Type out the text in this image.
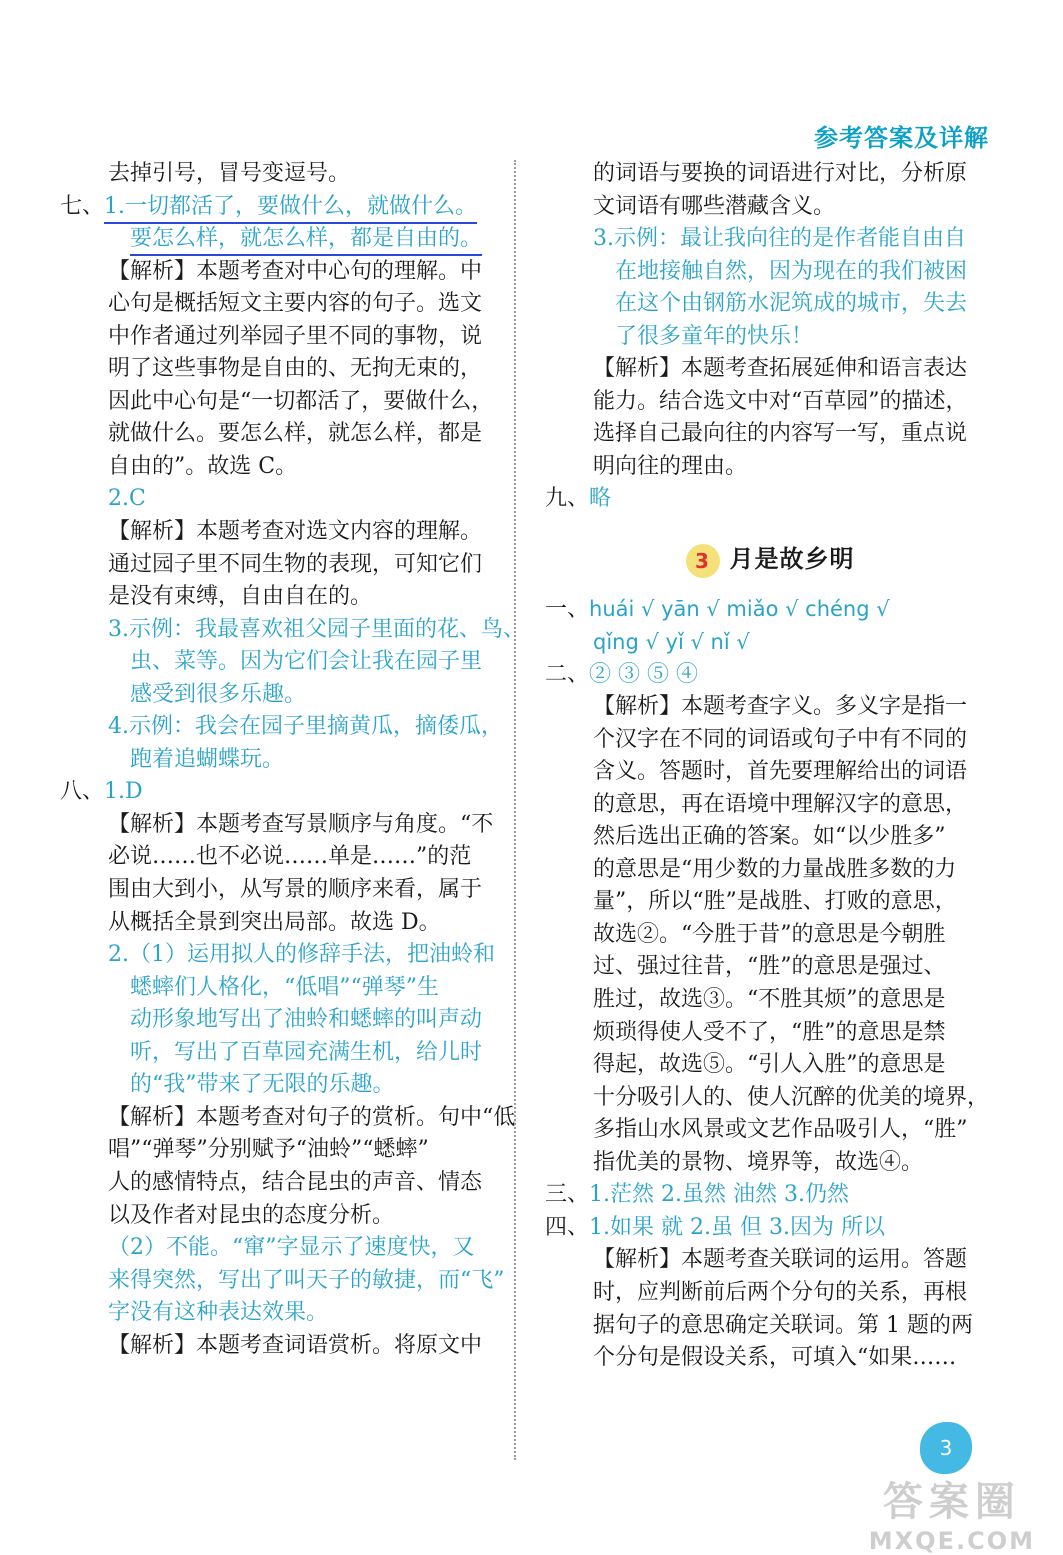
参考答案及详解
去掉引号，冒号变逗号。
七、1.一切都活了，要做什么，就做什么。
要怎么样，就怎么样，都是自由的。
【解析】本题考查对中心句的理解。中
心句是概括短文主要内容的句子。选文
中作者通过列举园子里不同的事物，说
明了这些事物是自由的、无拘无束的，
因此中心句是“一切都活了，要做什么，
就做什么。要怎么样，就怎么样，都是
自由的”。故选 C。
2.C
【解析】本题考查对选文内容的理解。
通过园子里不同生物的表现，可知它们
是没有束缚，自由自在的。
3.示例：我最喜欢祖父园子里面的花、鸟、
虫、菜等。因为它们会让我在园子里
感受到很多乐趣。
4.示例：我会在园子里摘黄瓜，摘倭瓜，
跑着追蝴蝶玩。
八、1.D
【解析】本题考查写景顺序与角度。“不
必说……也不必说……单是……”的范
围由大到小，从写景的顺序来看，属于
从概括全景到突出局部。故选 D。
2.（1）运用拟人的修辞手法，把油蛉和
蟋蟀们人格化，“低唱”“弹琴”生
动形象地写出了油蛉和蟋蟀的叫声动
听，写出了百草园充满生机，给儿时
的“我”带来了无限的乐趣。
【解析】本题考查对句子的赏析。句中“低
唱”“弹琴”分别赋予“油蛉”“蟋蟀”
人的感情特点，结合昆虫的声音、情态
以及作者对昆虫的态度分析。
（2）不能。“窜”字显示了速度快，又
来得突然，写出了叫天子的敏捷，而“飞”
字没有这种表达效果。
【解析】本题考查词语赏析。将原文中
的词语与要换的词语进行对比，分析原
文词语有哪些潜藏含义。
3.示例：最让我向往的是作者能自由自
在地接触自然，因为现在的我们被困
在这个由钢筋水泥筑成的城市，失去
了很多童年的快乐！
【解析】本题考查拓展延伸和语言表达
能力。结合选文中对“百草园”的描述，
选择自己最向往的内容写一写，重点说
明向往的理由。
九、略
3 月是故乡明
一、huái √ yān √ miǎo √ chéng √
qǐng √ yǐ √ nǐ √
二、② ③ ⑤ ④
【解析】本题考查字义。多义字是指一
个汉字在不同的词语或句子中有不同的
含义。答题时，首先要理解给出的词语
的意思，再在语境中理解汉字的意思，
然后选出正确的答案。如“以少胜多”
的意思是“用少数的力量战胜多数的力
量”，所以“胜”是战胜、打败的意思，
故选②。“今胜于昔”的意思是今朝胜
过、强过往昔，“胜”的意思是强过、
胜过，故选③。“不胜其烦”的意思是
烦琐得使人受不了，“胜”的意思是禁
得起，故选⑤。“引人入胜”的意思是
十分吸引人的、使人沉醉的优美的境界，
多指山水风景或文艺作品吸引人，“胜”
指优美的景物、境界等，故选④。
三、1.茫然 2.虽然 油然 3.仍然
四、1.如果 就 2.虽 但 3.因为 所以
【解析】本题考查关联词的运用。答题
时，应判断前后两个分句的关系，再根
据句子的意思确定关联词。第 1 题的两
个分句是假设关系，可填入“如果……
3
答案圈
MXQE.COM
